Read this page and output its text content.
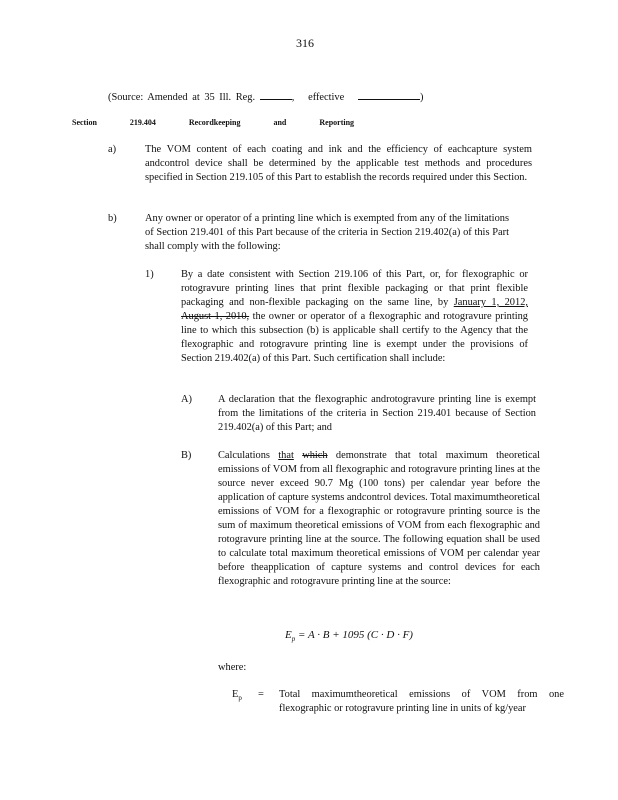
316
(Source: Amended at 35 Ill. Reg.	,   effective	)
Section	219.404	Recordkeeping	and	Reporting
a)	The VOM content of each coating and ink and the efficiency of eachcapture system andcontrol device shall be determined by the applicable test methods and procedures specified in Section 219.105 of this Part to establish the records required under this Section.
b)	Any owner or operator of a printing line which is exempted from any of the limitations of Section 219.401 of this Part because of the criteria in Section 219.402(a) of this Part shall comply with the following:
1)	By a date consistent with Section 219.106 of this Part, or, for flexographic or rotogravure printing lines that print flexible packaging or that print flexible packaging and non-flexible packaging on the same line, by January 1, 2012, August 1, 2010, the owner or operator of a flexographic and rotogravure printing line to which this subsection (b) is applicable shall certify to the Agency that the flexographic and rotogravure printing line is exempt under the provisions of Section 219.402(a) of this Part. Such certification shall include:
A)	A declaration that the flexographic androtogravure printing line is exempt from the limitations of the criteria in Section 219.401 because of Section 219.402(a) of this Part; and
B)	Calculations that which demonstrate that total maximum theoretical emissions of VOM from all flexographic and rotogravure printing lines at the source never exceed 90.7 Mg (100 tons) per calendar year before the application of capture systems andcontrol devices. Total maximumtheoretical emissions of VOM for a flexographic or rotogravure printing source is the sum of maximum theoretical emissions of VOM from each flexographic and rotogravure printing line at the source. The following equation shall be used to calculate total maximum theoretical emissions of VOM per calendar year before theapplication of capture systems and control devices for each flexographic and rotogravure printing line at the source:
$E_p = A \cdot B + 1095$ (C · D · F)
where:
$E_p$ = Total maximumtheoretical emissions of VOM from one flexographic or rotogravure printing line in units of kg/year
